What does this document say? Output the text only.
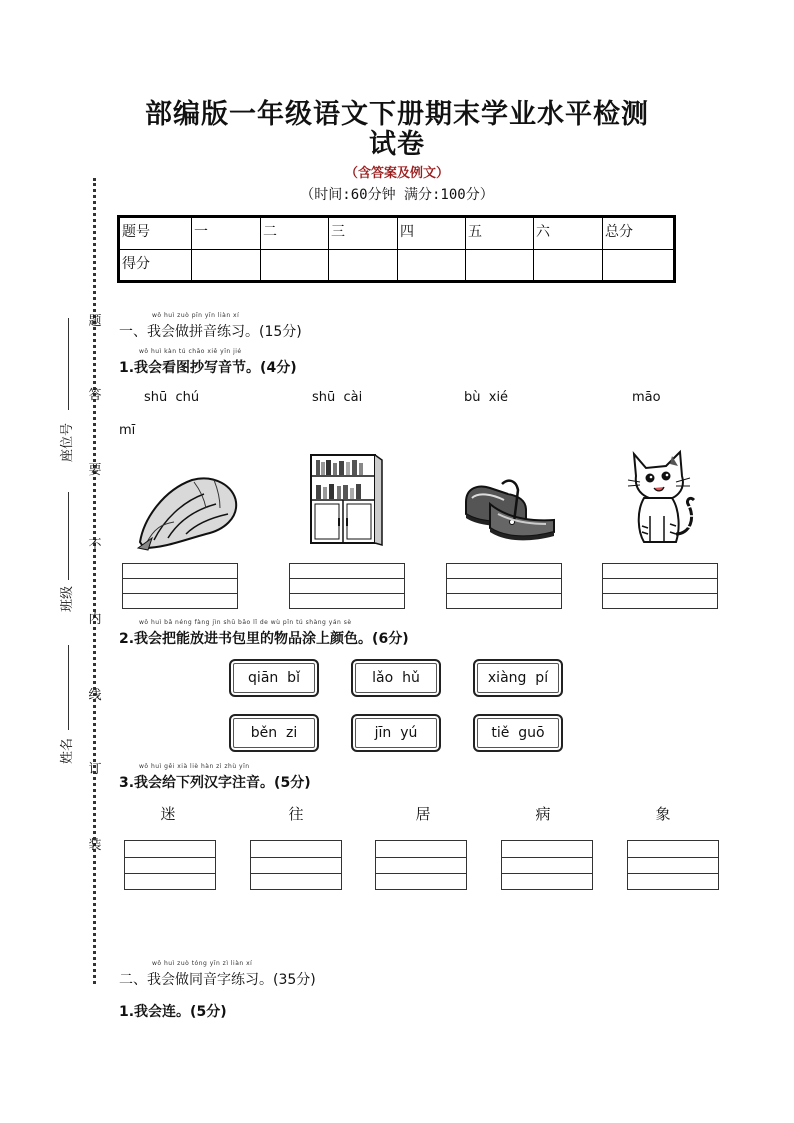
部编版一年级语文下册期末学业水平检测
试卷
（含答案及例文）
（时间:60分钟 满分:100分）
题号	一	二	三	四	五	六	总分
得分							
题
答
要
不
内
线
订
装
座位号
班级
姓名
wǒ huì zuò pīn yīn liàn xí
一、我会做拼音练习。(15分)
wǒ huì kàn tú chāo xiě yīn jié
1.我会看图抄写音节。(4分)
shū  chú	shū  cài	bù  xié	māo
mī
wǒ huì bǎ néng fàng jìn shū bāo lǐ de wù pǐn tú shàng yán sè
2.我会把能放进书包里的物品涂上颜色。(6分)
qiān  bǐ	lǎo  hǔ	xiàng  pí
běn  zi	jīn  yú	tiě  guō
wǒ huì gěi xià liè hàn zì zhù yīn
3.我会给下列汉字注音。(5分)
迷	往	居	病	象
wǒ huì zuò tóng yīn zì liàn xí
二、我会做同音字练习。(35分)
1.我会连。(5分)
